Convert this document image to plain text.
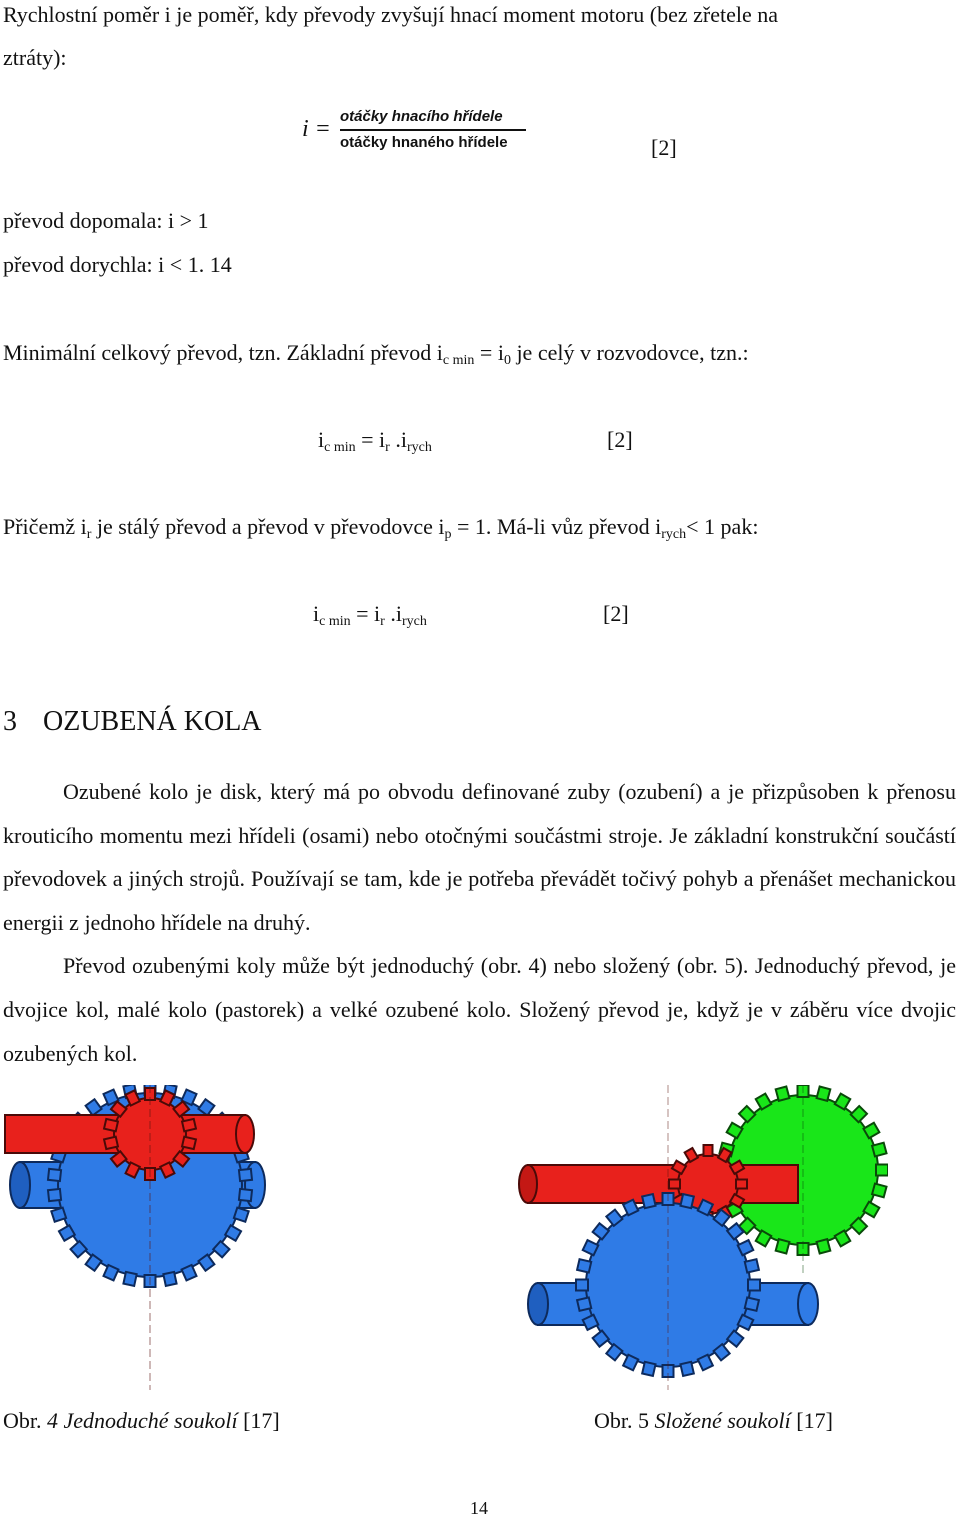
Rychlostní poměr i je poměř, kdy převody zvyšují hnací moment motoru (bez zřetele na
ztráty):
i = otáčky hnacího hřídele
otáčky hnaného hřídele	[2]
převod dopomala: i > 1
převod dorychla: i < 1. 14
Minimální celkový převod, tzn. Základní převod $i_{c min} = i_0$ je celý v rozvodovce, tzn.:
$i_{c min} = i_r$ $.i_{rych}$	[2]
Přičemž $i_r$ je stálý převod a převod v převodovce $i_p = 1$. Má-li vůz převod $i_{rych}< 1$ pak:
$i_{c min} = i_r$ $.i_{rych}$	[2]
3 OZUBENÁ KOLA

Ozubené kolo je disk, který má po obvodu definované zuby (ozubení) a je přizpůsoben k přenosu krouticího momentu mezi hřídeli (osami) nebo otočnými součástmi stroje. Je základní konstrukční součástí převodovek a jiných strojů. Používají se tam, kde je potřeba převádět točivý pohyb a přenášet mechanickou energii z jednoho hřídele na druhý.

Převod ozubenými koly může být jednoduchý (obr. 4) nebo složený (obr. 5). Jednoduchý převod, je dvojice kol, malé kolo (pastorek) a velké ozubené kolo. Složený převod je, když je v záběru více dvojic ozubených kol.

Obr. 4 Jednoduché soukolí [17]	Obr. 5 Složené soukolí [17]
14
